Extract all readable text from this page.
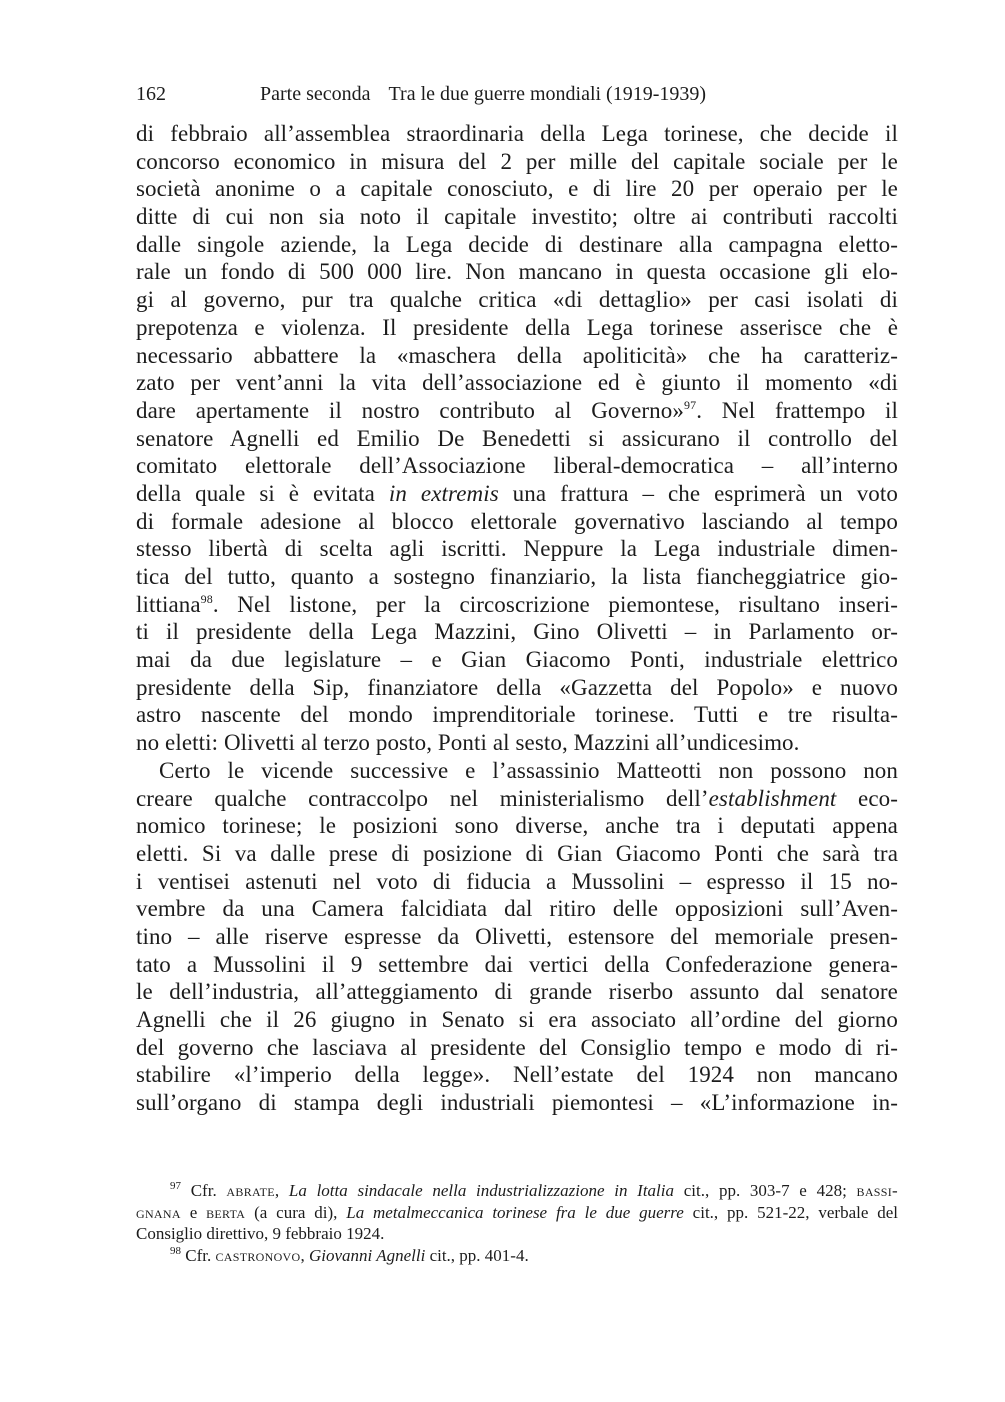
162	Parte seconda Tra le due guerre mondiali (1919-1939)
di febbraio all’assemblea straordinaria della Lega torinese, che decide il
concorso economico in misura del 2 per mille del capitale sociale per le
società anonime o a capitale conosciuto, e di lire 20 per operaio per le
ditte di cui non sia noto il capitale investito; oltre ai contributi raccolti
dalle singole aziende, la Lega decide di destinare alla campagna eletto-
rale un fondo di 500 000 lire. Non mancano in questa occasione gli elo-
gi al governo, pur tra qualche critica «di dettaglio» per casi isolati di
prepotenza e violenza. Il presidente della Lega torinese asserisce che è
necessario abbattere la «maschera della apoliticità» che ha caratteriz-
zato per vent’anni la vita dell’associazione ed è giunto il momento «di
dare apertamente il nostro contributo al Governo»$^{97}$. Nel frattempo il
senatore Agnelli ed Emilio De Benedetti si assicurano il controllo del
comitato elettorale dell’Associazione liberal-democratica – all’interno
della quale si è evitata in extremis una frattura – che esprimerà un voto
di formale adesione al blocco elettorale governativo lasciando al tempo
stesso libertà di scelta agli iscritti. Neppure la Lega industriale dimen-
tica del tutto, quanto a sostegno finanziario, la lista fiancheggiatrice gio-
littiana$^{98}$. Nel listone, per la circoscrizione piemontese, risultano inseri-
ti il presidente della Lega Mazzini, Gino Olivetti – in Parlamento or-
mai da due legislature – e Gian Giacomo Ponti, industriale elettrico
presidente della Sip, finanziatore della «Gazzetta del Popolo» e nuovo
astro nascente del mondo imprenditoriale torinese. Tutti e tre risulta-
no eletti: Olivetti al terzo posto, Ponti al sesto, Mazzini all’undicesimo.
Certo le vicende successive e l’assassinio Matteotti non possono non
creare qualche contraccolpo nel ministerialismo dell’establishment eco-
nomico torinese; le posizioni sono diverse, anche tra i deputati appena
eletti. Si va dalle prese di posizione di Gian Giacomo Ponti che sarà tra
i ventisei astenuti nel voto di fiducia a Mussolini – espresso il 15 no-
vembre da una Camera falcidiata dal ritiro delle opposizioni sull’Aven-
tino – alle riserve espresse da Olivetti, estensore del memoriale presen-
tato a Mussolini il 9 settembre dai vertici della Confederazione genera-
le dell’industria, all’atteggiamento di grande riserbo assunto dal senatore
Agnelli che il 26 giugno in Senato si era associato all’ordine del giorno
del governo che lasciava al presidente del Consiglio tempo e modo di ri-
stabilire «l’imperio della legge». Nell’estate del 1924 non mancano
sull’organo di stampa degli industriali piemontesi – «L’informazione in-
$^{97}$ Cfr. abrate, La lotta sindacale nella industrializzazione in Italia cit., pp. 303-7 e 428; bassi-
gnana e berta (a cura di), La metalmeccanica torinese fra le due guerre cit., pp. 521-22, verbale del
Consiglio direttivo, 9 febbraio 1924.
$^{98}$ Cfr. castronovo, Giovanni Agnelli cit., pp. 401-4.
